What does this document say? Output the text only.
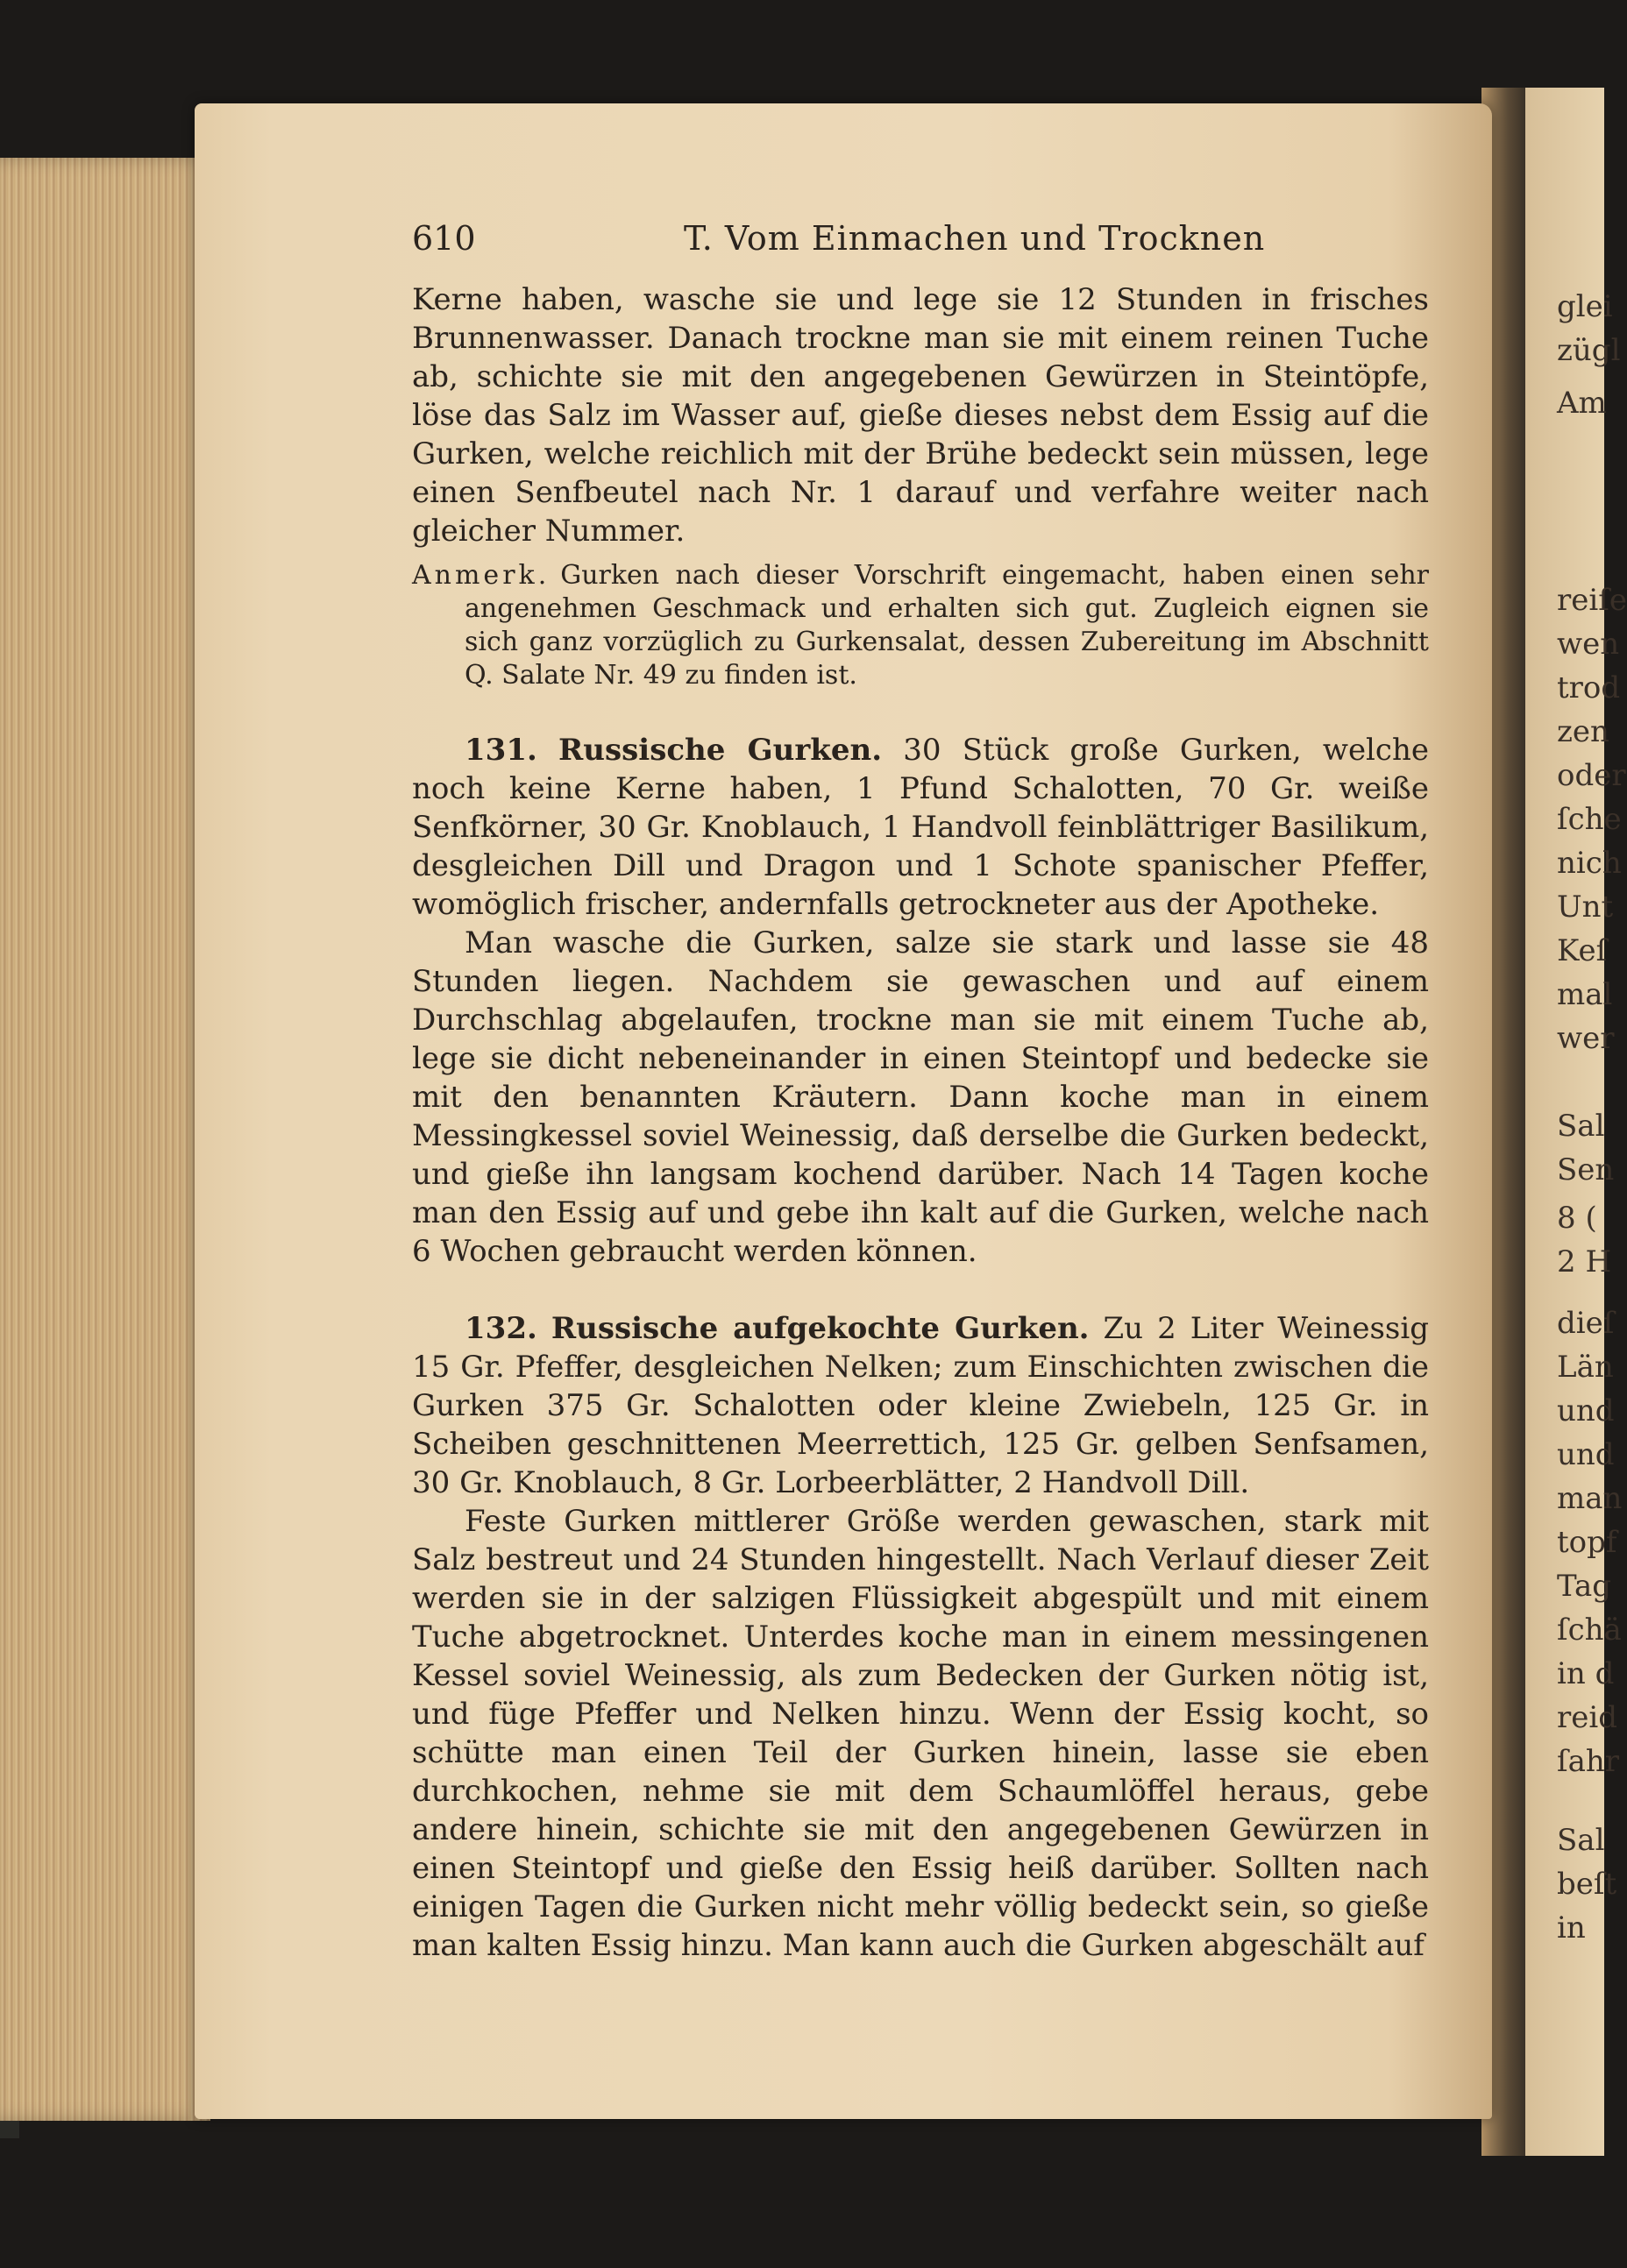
610	T. Vom Einmachen und Trocknen

Kerne haben, wasche sie und lege sie 12 Stunden in frisches Brunnenwasser. Danach trockne man sie mit einem reinen Tuche ab, schichte sie mit den angegebenen Gewürzen in Steintöpfe, löse das Salz im Wasser auf, gieße dieses nebst dem Essig auf die Gurken, welche reichlich mit der Brühe bedeckt sein müssen, lege einen Senfbeutel nach Nr. 1 darauf und verfahre weiter nach gleicher Nummer.

Anmerk. Gurken nach dieser Vorschrift eingemacht, haben einen sehr angenehmen Geschmack und erhalten sich gut. Zugleich eignen sie sich ganz vorzüglich zu Gurkensalat, dessen Zubereitung im Abschnitt Q. Salate Nr. 49 zu finden ist.

131. Russische Gurken. 30 Stück große Gurken, welche noch keine Kerne haben, 1 Pfund Schalotten, 70 Gr. weiße Senfkörner, 30 Gr. Knoblauch, 1 Handvoll feinblättriger Basilikum, desgleichen Dill und Dragon und 1 Schote spanischer Pfeffer, womöglich frischer, andernfalls getrockneter aus der Apotheke.

Man wasche die Gurken, salze sie stark und lasse sie 48 Stunden liegen. Nachdem sie gewaschen und auf einem Durchschlag abgelaufen, trockne man sie mit einem Tuche ab, lege sie dicht nebeneinander in einen Steintopf und bedecke sie mit den benannten Kräutern. Dann koche man in einem Messingkessel soviel Weinessig, daß derselbe die Gurken bedeckt, und gieße ihn langsam kochend darüber. Nach 14 Tagen koche man den Essig auf und gebe ihn kalt auf die Gurken, welche nach 6 Wochen gebraucht werden können.

132. Russische aufgekochte Gurken. Zu 2 Liter Weinessig 15 Gr. Pfeffer, desgleichen Nelken; zum Einschichten zwischen die Gurken 375 Gr. Schalotten oder kleine Zwiebeln, 125 Gr. in Scheiben geschnittenen Meerrettich, 125 Gr. gelben Senfsamen, 30 Gr. Knoblauch, 8 Gr. Lorbeerblätter, 2 Handvoll Dill.

Feste Gurken mittlerer Größe werden gewaschen, stark mit Salz bestreut und 24 Stunden hingestellt. Nach Verlauf dieser Zeit werden sie in der salzigen Flüssigkeit abgespült und mit einem Tuche abgetrocknet. Unterdes koche man in einem messingenen Kessel soviel Weinessig, als zum Bedecken der Gurken nötig ist, und füge Pfeffer und Nelken hinzu. Wenn der Essig kocht, so schütte man einen Teil der Gurken hinein, lasse sie eben durchkochen, nehme sie mit dem Schaumlöffel heraus, gebe andere hinein, schichte sie mit den angegebenen Gewürzen in einen Steintopf und gieße den Essig heiß darüber. Sollten nach einigen Tagen die Gurken nicht mehr völlig bedeckt sein, so gieße man kalten Essig hinzu. Man kann auch die Gurken abgeschält auf

glei
zügl
Am
reiſe
wen
trod
zen
oder
ſche
nich
Unt
Keſ
mal
wer
Sal
Sen
8 (
2 H
dieſ
Län
und
und
man
topf
Tag
ſchä
in d
reid
ſahr
Sal
beſt
in
